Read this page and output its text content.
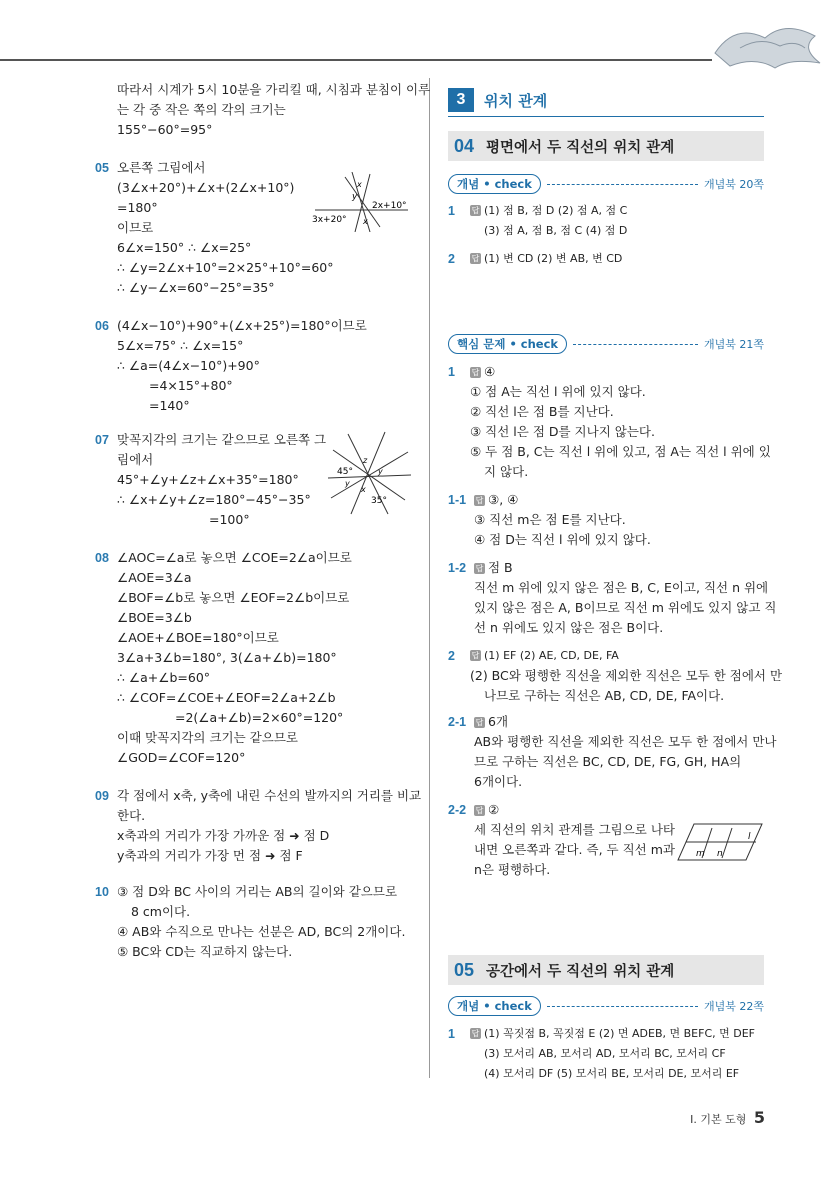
따라서 시계가 5시 10분을 가리킬 때, 시침과 분침이 이루
는 각 중 작은 쪽의 각의 크기는
155°−60°=95°
05 오른쪽 그림에서
(3∠x+20°)+∠x+(2∠x+10°)
=180°
이므로
6∠x=150° ∴ ∠x=25°
∴ ∠y=2∠x+10°=2×25°+10°=60°
∴ ∠y−∠x=60°−25°=35°
3x+20°
2x+10°
y
x
x
06 (4∠x−10°)+90°+(∠x+25°)=180°이므로
5∠x=75° ∴ ∠x=15°
∴ ∠a=(4∠x−10°)+90°
=4×15°+80°
=140°
07 맞꼭지각의 크기는 같으므로 오른쪽 그
림에서
45°+∠y+∠z+∠x+35°=180°
∴ ∠x+∠y+∠z=180°−45°−35°
=100°
45°
35°
z
y
y
x
08 ∠AOC=∠a로 놓으면 ∠COE=2∠a이므로
∠AOE=3∠a
∠BOF=∠b로 놓으면 ∠EOF=2∠b이므로
∠BOE=3∠b
∠AOE+∠BOE=180°이므로
3∠a+3∠b=180°, 3(∠a+∠b)=180°
∴ ∠a+∠b=60°
∴ ∠COF=∠COE+∠EOF=2∠a+2∠b
=2(∠a+∠b)=2×60°=120°
이때 맞꼭지각의 크기는 같으므로
∠GOD=∠COF=120°
09 각 점에서 x축, y축에 내린 수선의 발까지의 거리를 비교
한다.
x축과의 거리가 가장 가까운 점 ➜ 점 D
y축과의 거리가 가장 먼 점 ➜ 점 F
10 ③ 점 D와 BC 사이의 거리는 AB의 길이와 같으므로
8 cm이다.
④ AB와 수직으로 만나는 선분은 AD, BC의 2개이다.
⑤ BC와 CD는 직교하지 않는다.
3	위치 관계
04 평면에서 두 직선의 위치 관계
개념 • check	개념북 20쪽
1 답 (1) 점 B, 점 D (2) 점 A, 점 C
(3) 점 A, 점 B, 점 C (4) 점 D
2 답 (1) 변 CD (2) 변 AB, 변 CD
핵심 문제 • check	개념북 21쪽
1 답 ④
① 점 A는 직선 l 위에 있지 않다.
② 직선 l은 점 B를 지난다.
③ 직선 l은 점 D를 지나지 않는다.
⑤ 두 점 B, C는 직선 l 위에 있고, 점 A는 직선 l 위에 있
지 않다.
1-1 답 ③, ④
③ 직선 m은 점 E를 지난다.
④ 점 D는 직선 l 위에 있지 않다.
1-2 답 점 B
직선 m 위에 있지 않은 점은 B, C, E이고, 직선 n 위에
있지 않은 점은 A, B이므로 직선 m 위에도 있지 않고 직
선 n 위에도 있지 않은 점은 B이다.
2 답 (1) EF (2) AE, CD, DE, FA
(2) BC와 평행한 직선을 제외한 직선은 모두 한 점에서 만
나므로 구하는 직선은 AB, CD, DE, FA이다.
2-1 답 6개
AB와 평행한 직선을 제외한 직선은 모두 한 점에서 만나
므로 구하는 직선은 BC, CD, DE, FG, GH, HA의
6개이다.
2-2 답 ②
세 직선의 위치 관계를 그림으로 나타
내면 오른쪽과 같다. 즉, 두 직선 m과
n은 평행하다.
l
m n
05 공간에서 두 직선의 위치 관계
개념 • check	개념북 22쪽
1 답 (1) 꼭짓점 B, 꼭짓점 E (2) 면 ADEB, 면 BEFC, 면 DEF
(3) 모서리 AB, 모서리 AD, 모서리 BC, 모서리 CF
(4) 모서리 DF (5) 모서리 BE, 모서리 DE, 모서리 EF
I. 기본 도형 5
